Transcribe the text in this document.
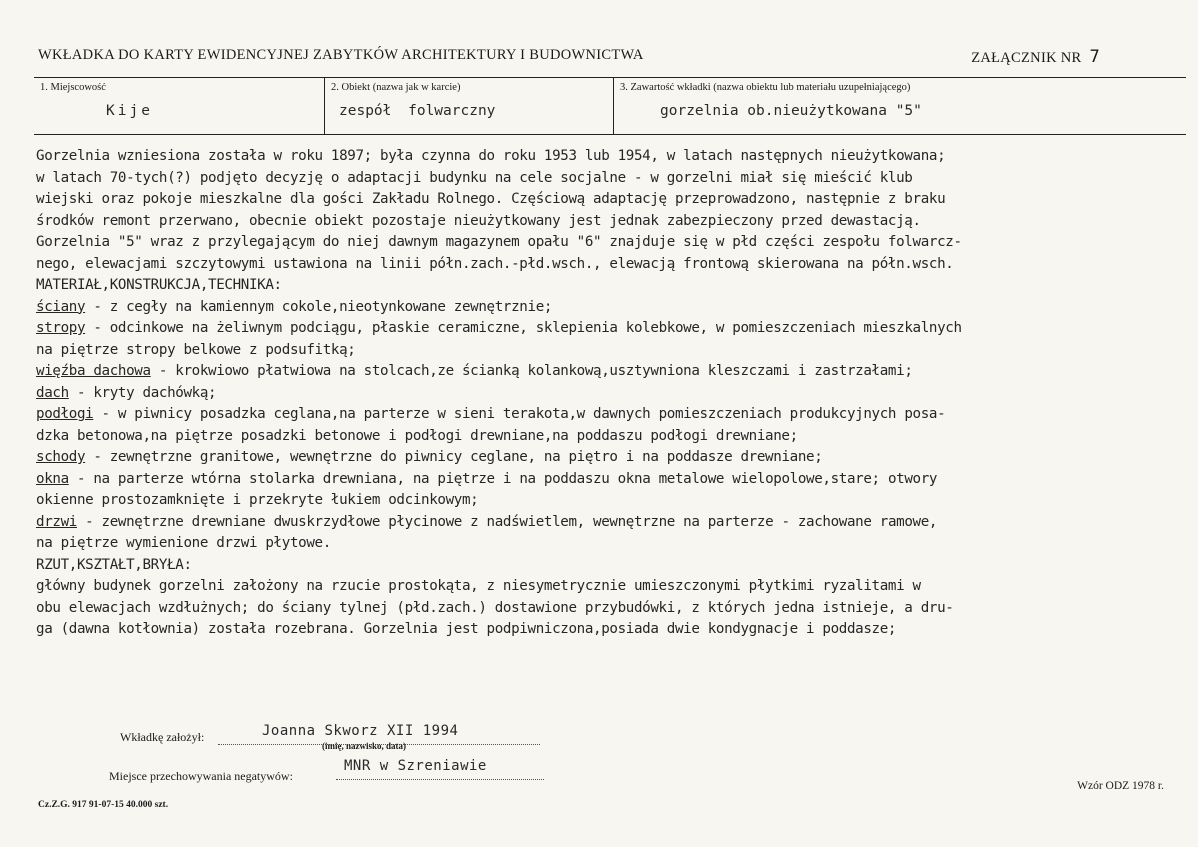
WKŁADKA DO KARTY EWIDENCYJNEJ ZABYTKÓW ARCHITEKTURY I BUDOWNICTWA	ZAŁĄCZNIK NR 7
1. Miejscowość
Kije
2. Obiekt (nazwa jak w karcie)
zespół folwarczny
3. Zawartość wkładki (nazwa obiektu lub materiału uzupełniającego)
gorzelnia ob.nieużytkowana "5"
Gorzelnia wzniesiona została w roku 1897; była czynna do roku 1953 lub 1954, w latach następnych nieużytkowana;
w latach 70-tych(?) podjęto decyzję o adaptacji budynku na cele socjalne - w gorzelni miał się mieścić klub
wiejski oraz pokoje mieszkalne dla gości Zakładu Rolnego. Częściową adaptację przeprowadzono, następnie z braku
środków remont przerwano, obecnie obiekt pozostaje nieużytkowany jest jednak zabezpieczony przed dewastacją.
Gorzelnia "5" wraz z przylegającym do niej dawnym magazynem opału "6" znajduje się w płd części zespołu folwarcz-
nego, elewacjami szczytowymi ustawiona na linii półn.zach.-płd.wsch., elewacją frontową skierowana na półn.wsch.
MATERIAŁ,KONSTRUKCJA,TECHNIKA:
ściany - z cegły na kamiennym cokole,nieotynkowane zewnętrznie;
stropy - odcinkowe na żeliwnym podciągu, płaskie ceramiczne, sklepienia kolebkowe, w pomieszczeniach mieszkalnych
na piętrze stropy belkowe z podsufitką;
więźba dachowa - krokwiowo płatwiowa na stolcach,ze ścianką kolankową,usztywniona kleszczami i zastrzałami;
dach - kryty dachówką;
podłogi - w piwnicy posadzka ceglana,na parterze w sieni terakota,w dawnych pomieszczeniach produkcyjnych posa-
dzka betonowa,na piętrze posadzki betonowe i podłogi drewniane,na poddaszu podłogi drewniane;
schody - zewnętrzne granitowe, wewnętrzne do piwnicy ceglane, na piętro i na poddasze drewniane;
okna - na parterze wtórna stolarka drewniana, na piętrze i na poddaszu okna metalowe wielopolowe,stare; otwory
okienne prostozamknięte i przekryte łukiem odcinkowym;
drzwi - zewnętrzne drewniane dwuskrzydłowe płycinowe z nadświetlem, wewnętrzne na parterze - zachowane ramowe,
na piętrze wymienione drzwi płytowe.
RZUT,KSZTAŁT,BRYŁA:
główny budynek gorzelni założony na rzucie prostokąta, z niesymetrycznie umieszczonymi płytkimi ryzalitami w
obu elewacjach wzdłużnych; do ściany tylnej (płd.zach.) dostawione przybudówki, z których jedna istnieje, a dru-
ga (dawna kotłownia) została rozebrana. Gorzelnia jest podpiwniczona,posiada dwie kondygnacje i poddasze;
Wkładkę założył:	Joanna Skworz XII 1994
(imię, nazwisko, data)
Miejsce przechowywania negatywów:
MNR w Szreniawie
Cz.Z.G. 917 91-07-15 40.000 szt.
Wzór ODZ 1978 r.
